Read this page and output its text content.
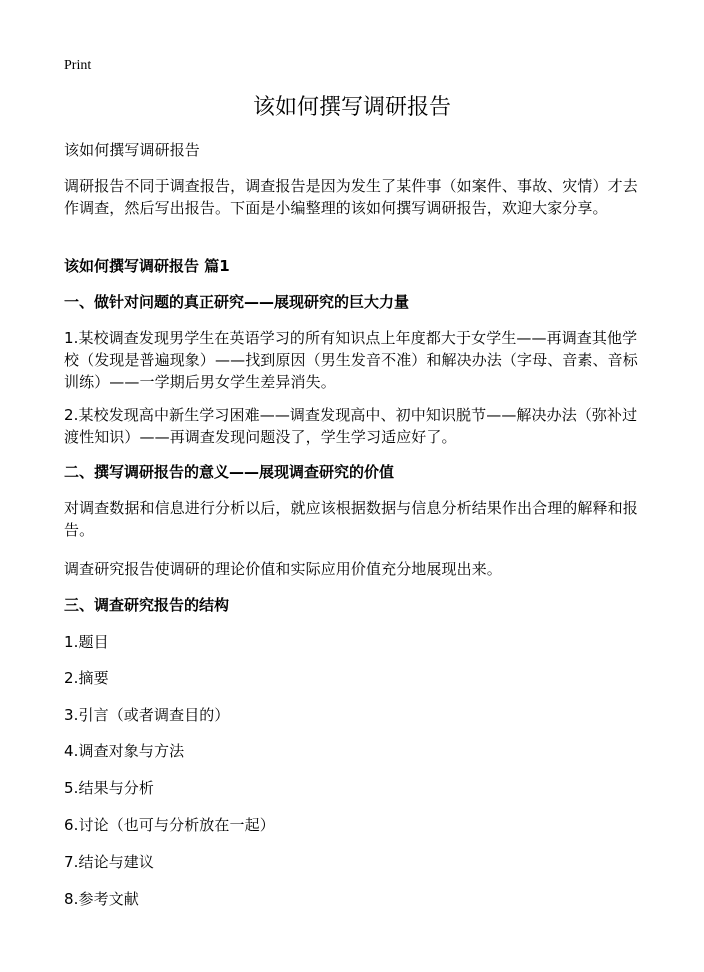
Print
该如何撰写调研报告

该如何撰写调研报告

调研报告不同于调查报告，调查报告是因为发生了某件事（如案件、事故、灾情）才去作调查，然后写出报告。下面是小编整理的该如何撰写调研报告，欢迎大家分享。

该如何撰写调研报告 篇1

一、做针对问题的真正研究——展现研究的巨大力量

1.某校调查发现男学生在英语学习的所有知识点上年度都大于女学生——再调查其他学校（发现是普遍现象）——找到原因（男生发音不准）和解决办法（字母、音素、音标训练）——一学期后男女学生差异消失。

2.某校发现高中新生学习困难——调查发现高中、初中知识脱节——解决办法（弥补过渡性知识）——再调查发现问题没了，学生学习适应好了。

二、撰写调研报告的意义——展现调查研究的价值

对调查数据和信息进行分析以后，就应该根据数据与信息分析结果作出合理的解释和报告。

调查研究报告使调研的理论价值和实际应用价值充分地展现出来。

三、调查研究报告的结构

1.题目

2.摘要

3.引言（或者调查目的）

4.调查对象与方法

5.结果与分析

6.讨论（也可与分析放在一起）

7.结论与建议

8.参考文献
